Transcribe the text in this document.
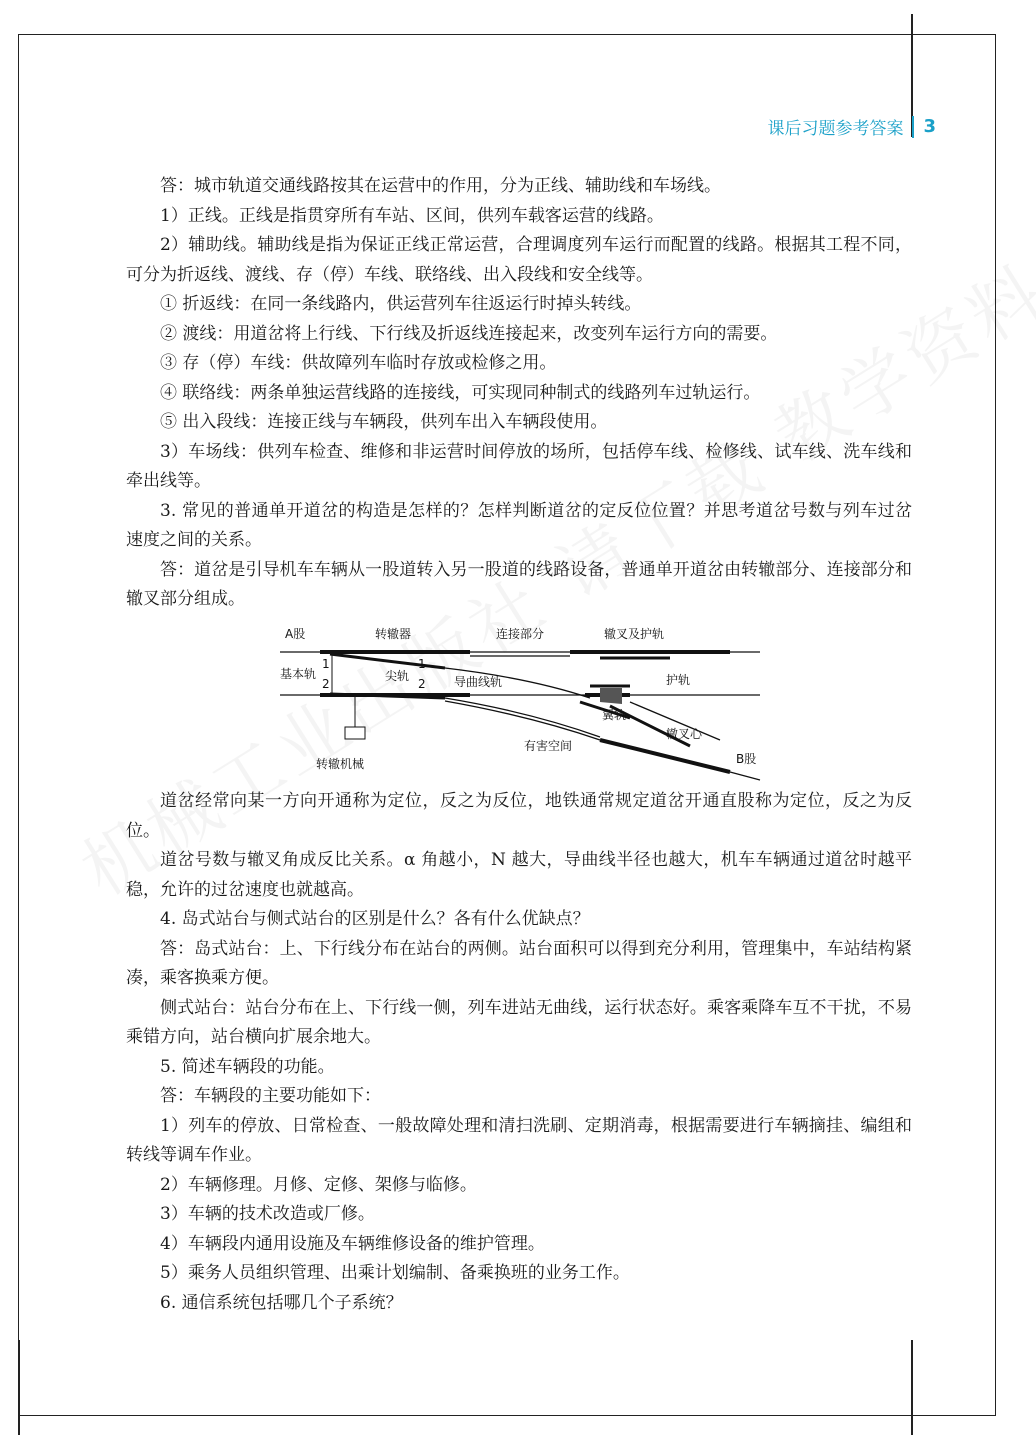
课后习题参考答案 3

答：城市轨道交通线路按其在运营中的作用，分为正线、辅助线和车场线。

1）正线。正线是指贯穿所有车站、区间，供列车载客运营的线路。

2）辅助线。辅助线是指为保证正线正常运营，合理调度列车运行而配置的线路。根据其工程不同，可分为折返线、渡线、存（停）车线、联络线、出入段线和安全线等。

① 折返线：在同一条线路内，供运营列车往返运行时掉头转线。

② 渡线：用道岔将上行线、下行线及折返线连接起来，改变列车运行方向的需要。

③ 存（停）车线：供故障列车临时存放或检修之用。

④ 联络线：两条单独运营线路的连接线，可实现同种制式的线路列车过轨运行。

⑤ 出入段线：连接正线与车辆段，供列车出入车辆段使用。

3）车场线：供列车检查、维修和非运营时间停放的场所，包括停车线、检修线、试车线、洗车线和牵出线等。

3. 常见的普通单开道岔的构造是怎样的？怎样判断道岔的定反位位置？并思考道岔号数与列车过岔速度之间的关系。

答：道岔是引导机车车辆从一股道转入另一股道的线路设备，普通单开道岔由转辙部分、连接部分和辙叉部分组成。

A股	转辙器	连接部分	辙叉及护轨
基本轨
1
2
尖轨
1
2 导曲线轨	护轨
翼轨
辙叉心
有害空间
B股
转辙机械

道岔经常向某一方向开通称为定位，反之为反位，地铁通常规定道岔开通直股称为定位，反之为反位。

道岔号数与辙叉角成反比关系。α 角越小，N 越大，导曲线半径也越大，机车车辆通过道岔时越平稳，允许的过岔速度也就越高。

4. 岛式站台与侧式站台的区别是什么？各有什么优缺点？

答：岛式站台：上、下行线分布在站台的两侧。站台面积可以得到充分利用，管理集中，车站结构紧凑，乘客换乘方便。

侧式站台：站台分布在上、下行线一侧，列车进站无曲线，运行状态好。乘客乘降车互不干扰，不易乘错方向，站台横向扩展余地大。

5. 简述车辆段的功能。

答：车辆段的主要功能如下：

1）列车的停放、日常检查、一般故障处理和清扫洗刷、定期消毒，根据需要进行车辆摘挂、编组和转线等调车作业。

2）车辆修理。月修、定修、架修与临修。

3）车辆的技术改造或厂修。

4）车辆段内通用设施及车辆维修设备的维护管理。

5）乘务人员组织管理、出乘计划编制、备乘换班的业务工作。

6. 通信系统包括哪几个子系统？
